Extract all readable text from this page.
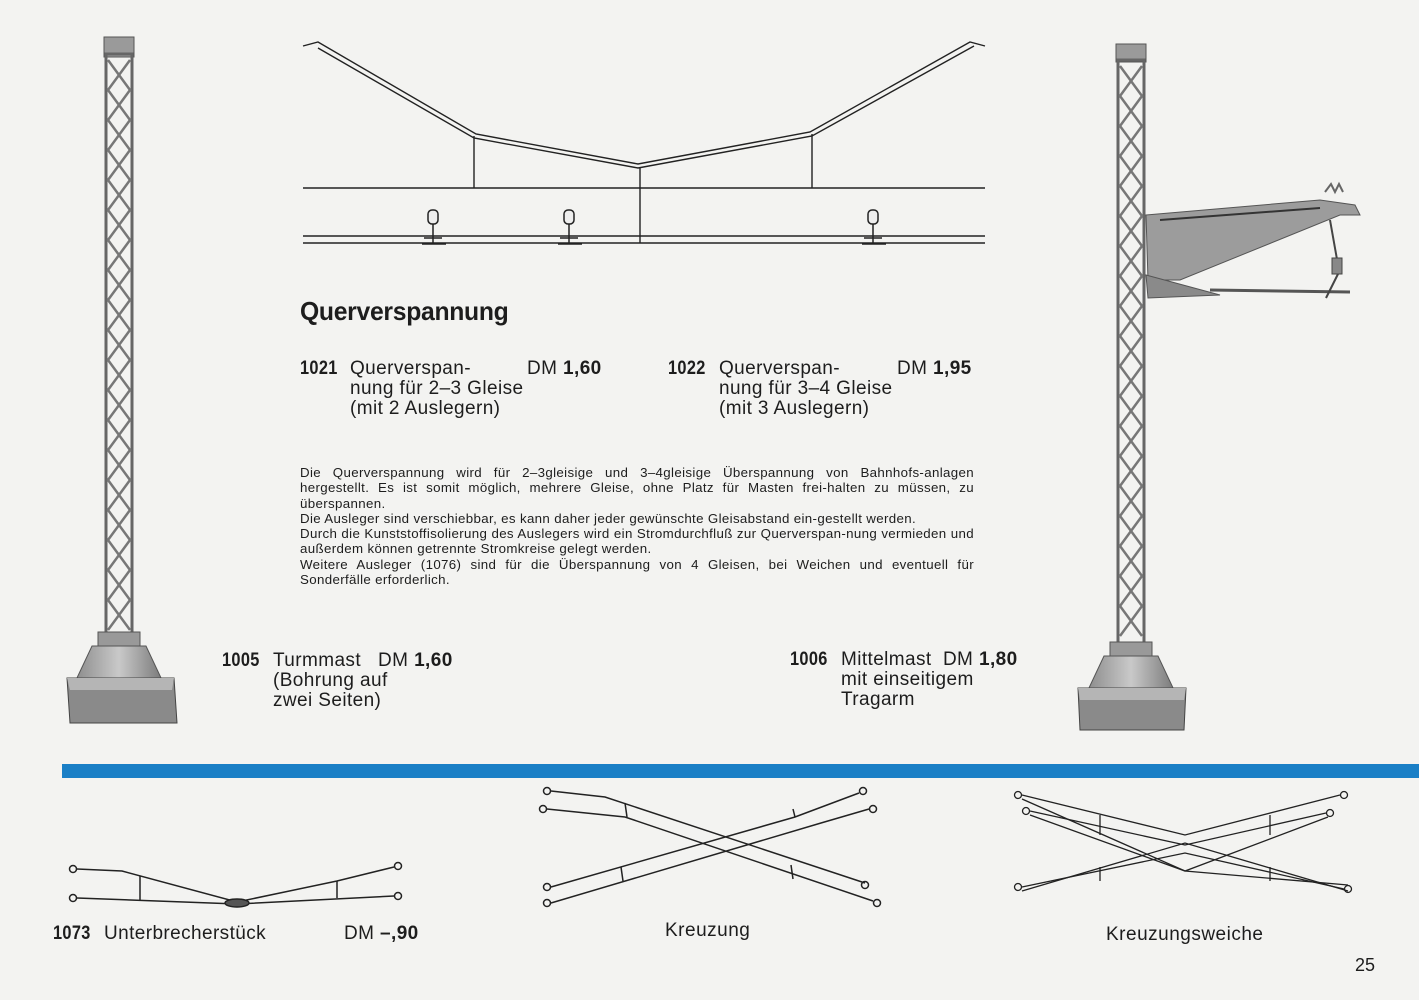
Querverspannung
1021	DM 1,60
Querverspan-
nung für 2–3 Gleise
(mit 2 Auslegern)
1022	DM 1,95
Querverspan-
nung für 3–4 Gleise
(mit 3 Auslegern)

Die Querverspannung wird für 2–3gleisige und 3–4gleisige Überspannung von Bahnhofs-anlagen hergestellt. Es ist somit möglich, mehrere Gleise, ohne Platz für Masten frei-halten zu müssen, zu überspannen.

Die Ausleger sind verschiebbar, es kann daher jeder gewünschte Gleisabstand ein-gestellt werden.

Durch die Kunststoffisolierung des Auslegers wird ein Stromdurchfluß zur Querverspan-nung vermieden und außerdem können getrennte Stromkreise gelegt werden.

Weitere Ausleger (1076) sind für die Überspannung von 4 Gleisen, bei Weichen und eventuell für Sonderfälle erforderlich.

1005 Turmmast DM 1,60
(Bohrung auf
zwei Seiten)
1006 Mittelmast DM 1,80
mit einseitigem
Tragarm
1073 Unterbrecherstück	DM –,90	Kreuzung	Kreuzungsweiche
25
